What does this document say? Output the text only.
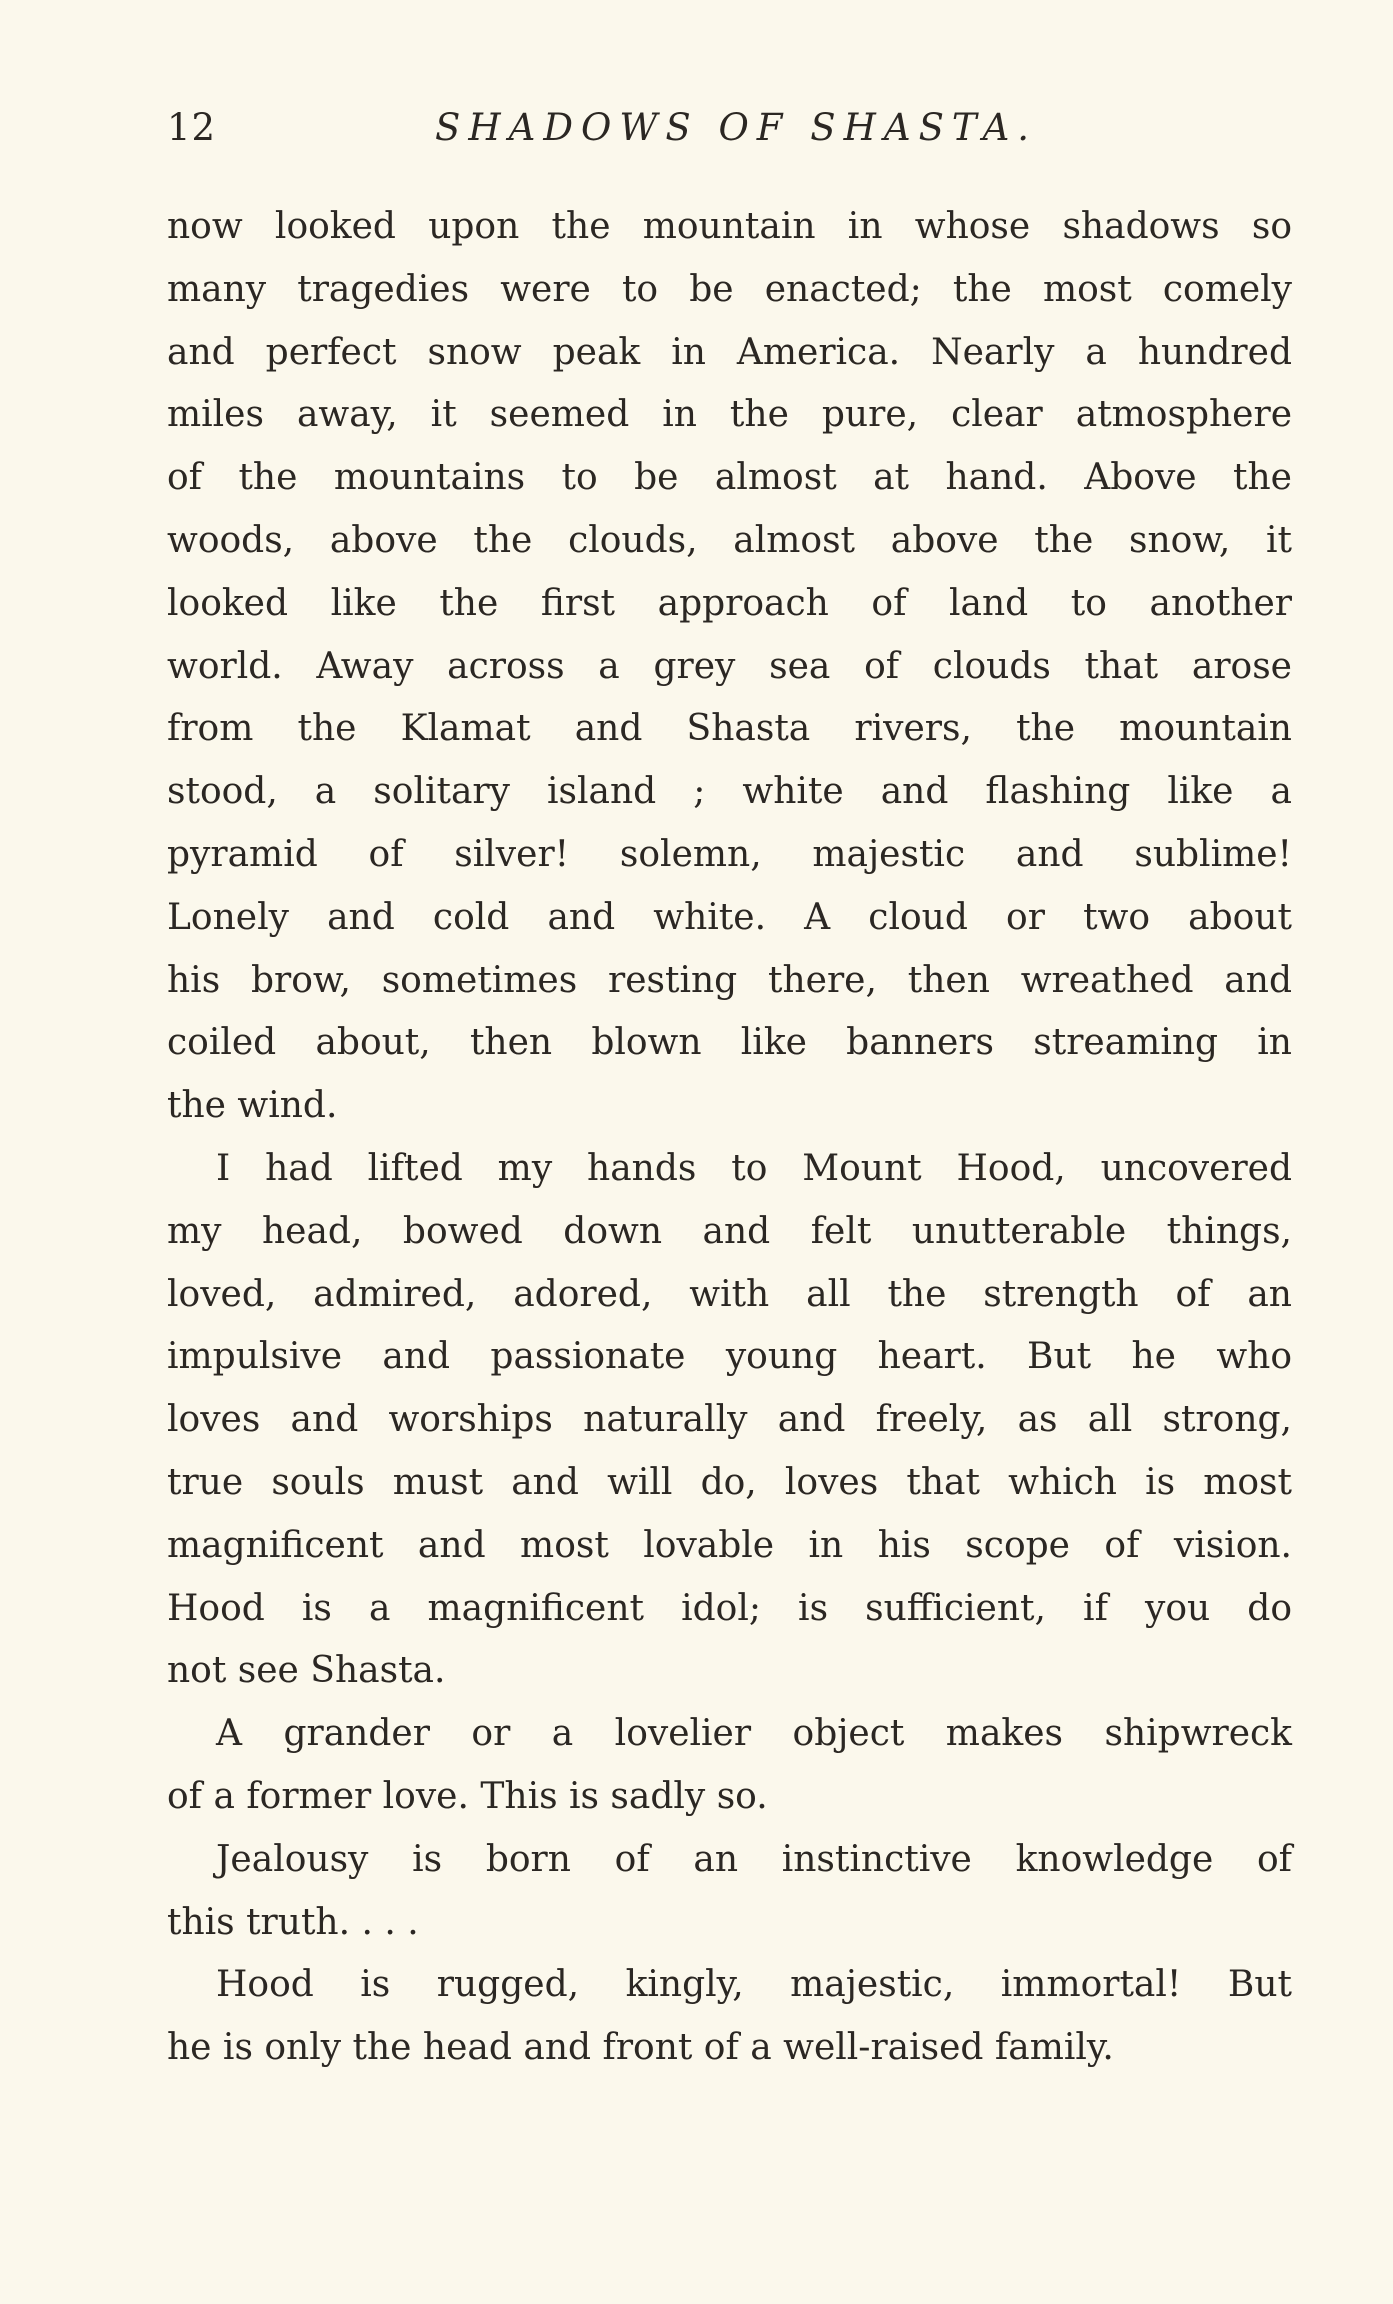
12	SHADOWS OF SHASTA.
now looked upon the mountain in whose shadows so
many tragedies were to be enacted; the most comely
and perfect snow peak in America. Nearly a hundred
miles away, it seemed in the pure, clear atmosphere
of the mountains to be almost at hand. Above the
woods, above the clouds, almost above the snow, it
looked like the first approach of land to another
world. Away across a grey sea of clouds that arose
from the Klamat and Shasta rivers, the mountain
stood, a solitary island ; white and flashing like a
pyramid of silver! solemn, majestic and sublime!
Lonely and cold and white. A cloud or two about
his brow, sometimes resting there, then wreathed and
coiled about, then blown like banners streaming in
the wind.
I had lifted my hands to Mount Hood, uncovered
my head, bowed down and felt unutterable things,
loved, admired, adored, with all the strength of an
impulsive and passionate young heart. But he who
loves and worships naturally and freely, as all strong,
true souls must and will do, loves that which is most
magnificent and most lovable in his scope of vision.
Hood is a magnificent idol; is sufficient, if you do
not see Shasta.
A grander or a lovelier object makes shipwreck
of a former love. This is sadly so.
Jealousy is born of an instinctive knowledge of
this truth. . . .
Hood is rugged, kingly, majestic, immortal! But
he is only the head and front of a well-raised family.
